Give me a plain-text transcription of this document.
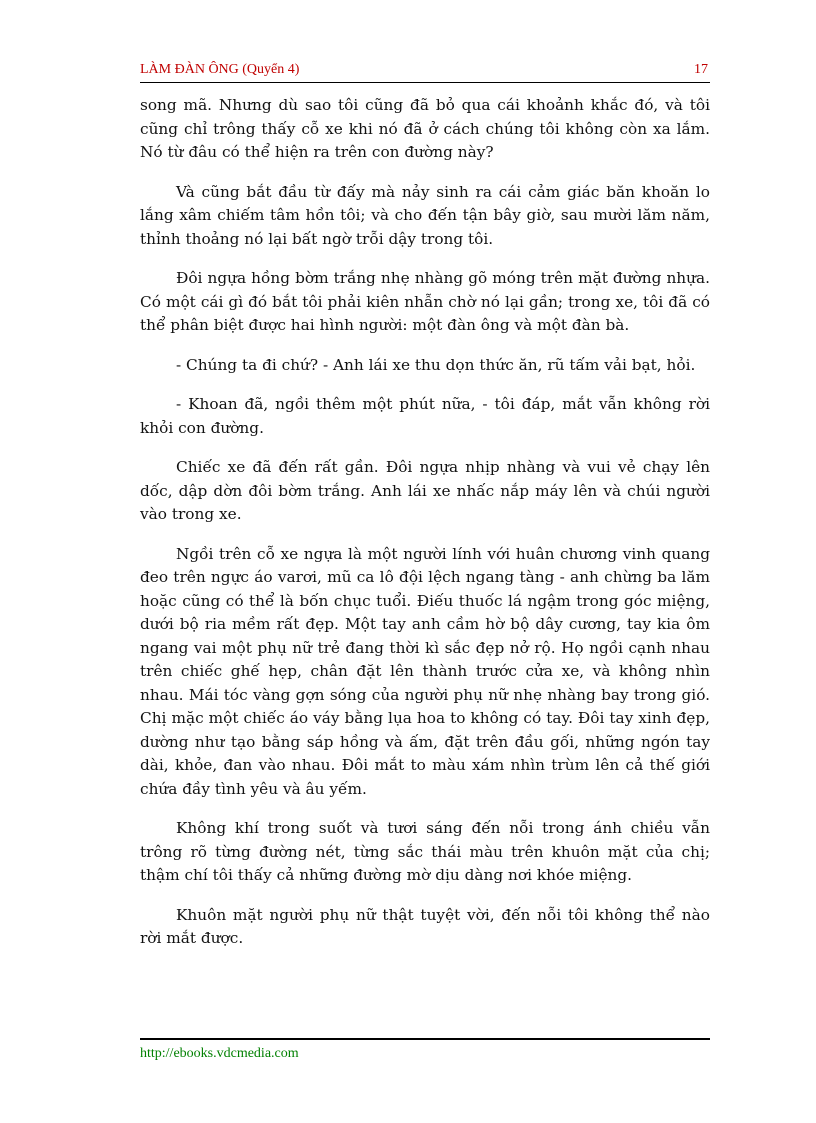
LÀM ĐÀN ÔNG (Quyển 4)	17

song mã. Nhưng dù sao tôi cũng đã bỏ qua cái khoảnh khắc đó, và tôi cũng chỉ trông thấy cỗ xe khi nó đã ở cách chúng tôi không còn xa lắm. Nó từ đâu có thể hiện ra trên con đường này?

Và cũng bắt đầu từ đấy mà nảy sinh ra cái cảm giác băn khoăn lo lắng xâm chiếm tâm hồn tôi; và cho đến tận bây giờ, sau mười lăm năm, thỉnh thoảng nó lại bất ngờ trỗi dậy trong tôi.

Đôi ngựa hồng bờm trắng nhẹ nhàng gõ móng trên mặt đường nhựa. Có một cái gì đó bắt tôi phải kiên nhẫn chờ nó lại gần; trong xe, tôi đã có thể phân biệt được hai hình người: một đàn ông và một đàn bà.

- Chúng ta đi chứ? - Anh lái xe thu dọn thức ăn, rũ tấm vải bạt, hỏi.

- Khoan đã, ngồi thêm một phút nữa, - tôi đáp, mắt vẫn không rời khỏi con đường.

Chiếc xe đã đến rất gần. Đôi ngựa nhịp nhàng và vui vẻ chạy lên dốc, dập dờn đôi bờm trắng. Anh lái xe nhấc nắp máy lên và chúi người vào trong xe.

Ngồi trên cỗ xe ngựa là một người lính với huân chương vinh quang đeo trên ngực áo varơi, mũ ca lô đội lệch ngang tàng - anh chừng ba lăm hoặc cũng có thể là bốn chục tuổi. Điếu thuốc lá ngậm trong góc miệng, dưới bộ ria mềm rất đẹp. Một tay anh cầm hờ bộ dây cương, tay kia ôm ngang vai một phụ nữ trẻ đang thời kì sắc đẹp nở rộ. Họ ngồi cạnh nhau trên chiếc ghế hẹp, chân đặt lên thành trước cửa xe, và không nhìn nhau. Mái tóc vàng gợn sóng của người phụ nữ nhẹ nhàng bay trong gió. Chị mặc một chiếc áo váy bằng lụa hoa to không có tay. Đôi tay xinh đẹp, dường như tạo bằng sáp hồng và ấm, đặt trên đầu gối, những ngón tay dài, khỏe, đan vào nhau. Đôi mắt to màu xám nhìn trùm lên cả thế giới chứa đầy tình yêu và âu yếm.

Không khí trong suốt và tươi sáng đến nỗi trong ánh chiều vẫn trông rõ từng đường nét, từng sắc thái màu trên khuôn mặt của chị; thậm chí tôi thấy cả những đường mờ dịu dàng nơi khóe miệng.

Khuôn mặt người phụ nữ thật tuyệt vời, đến nỗi tôi không thể nào rời mắt được.

http://ebooks.vdcmedia.com
